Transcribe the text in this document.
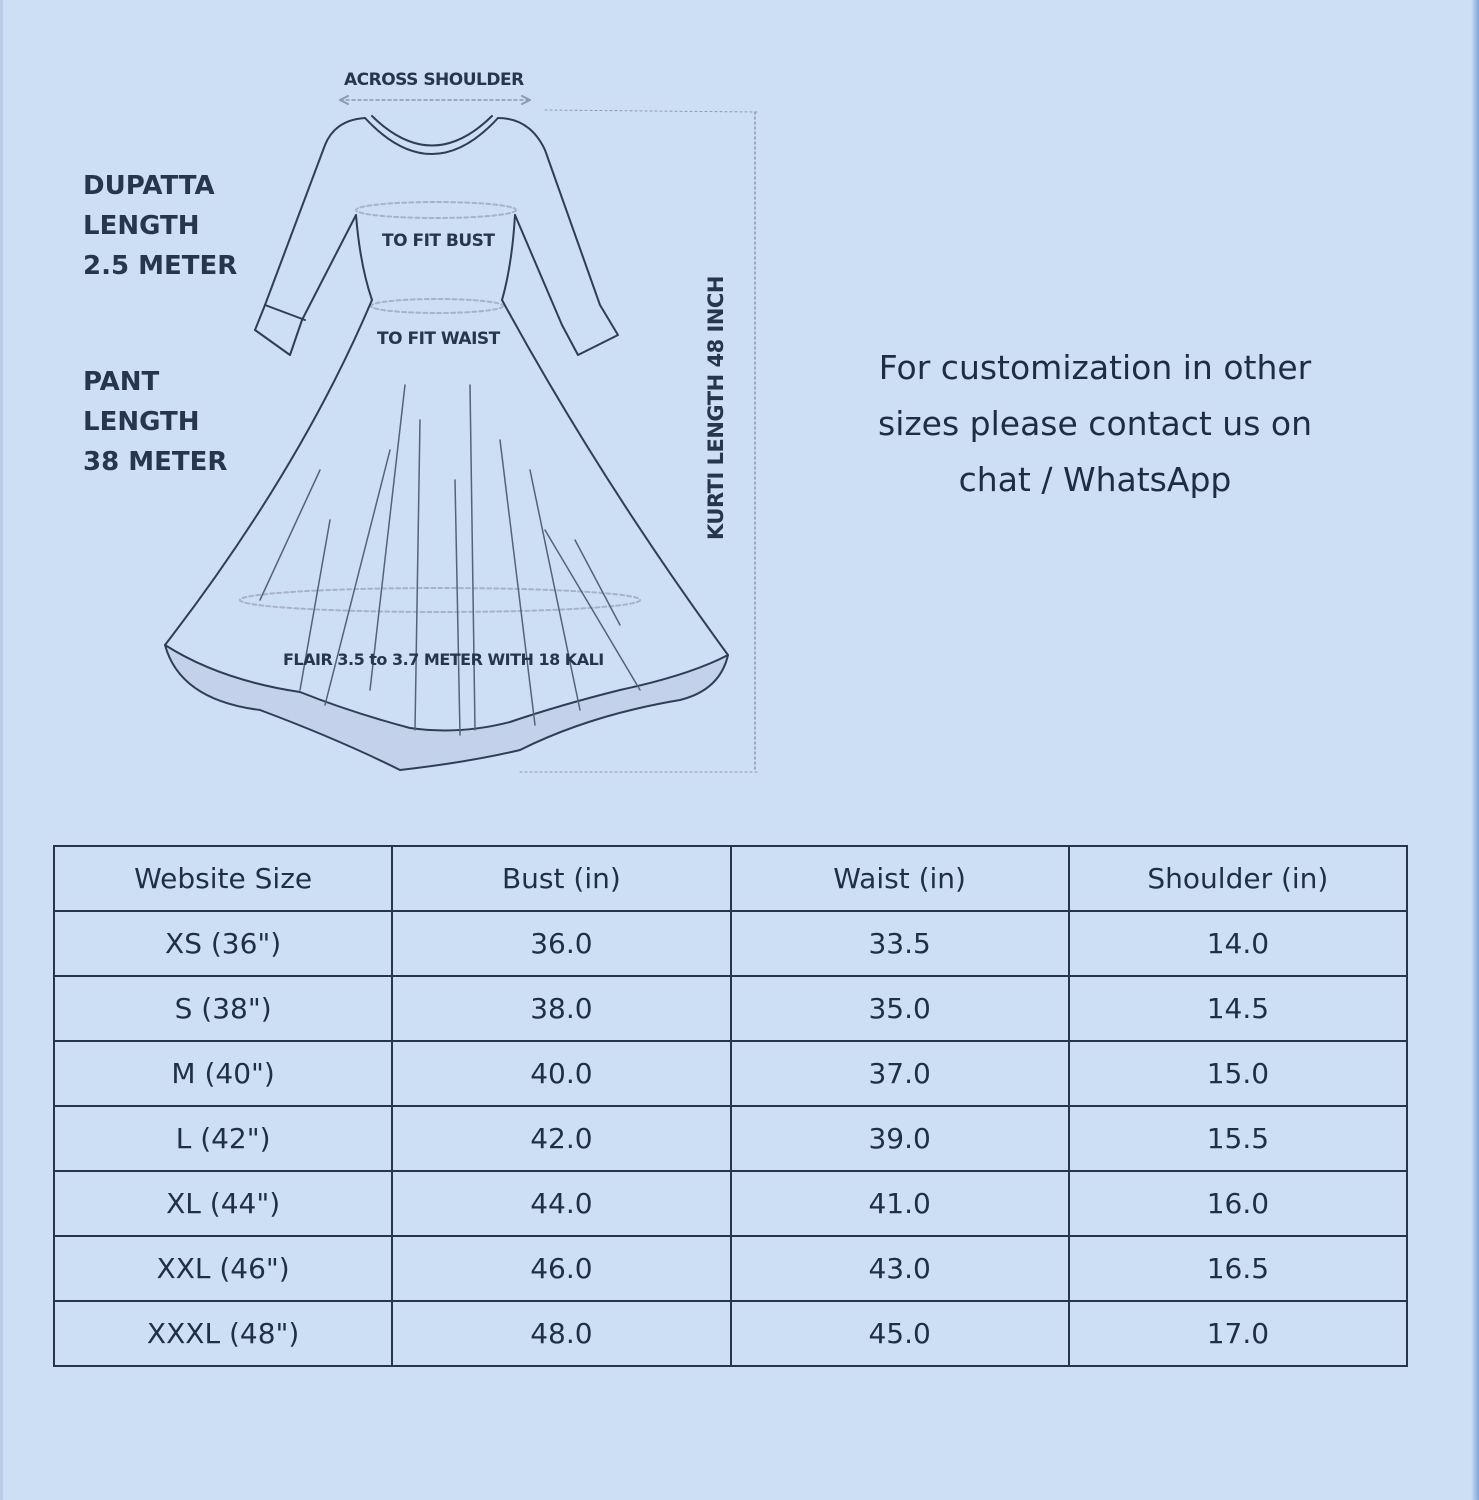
ACROSS SHOULDER
TO FIT BUST
TO FIT WAIST
FLAIR 3.5 to 3.7 METER WITH 18 KALI
KURTI LENGTH 48 INCH
DUPATTA
LENGTH
2.5 METER
PANT
LENGTH
38 METER
For customization in other
sizes please contact us on
chat / WhatsApp
Website Size	Bust (in)	Waist (in)	Shoulder (in)
XS (36")	36.0	33.5	14.0
S (38")	38.0	35.0	14.5
M (40")	40.0	37.0	15.0
L (42")	42.0	39.0	15.5
XL (44")	44.0	41.0	16.0
XXL (46")	46.0	43.0	16.5
XXXL (48")	48.0	45.0	17.0
